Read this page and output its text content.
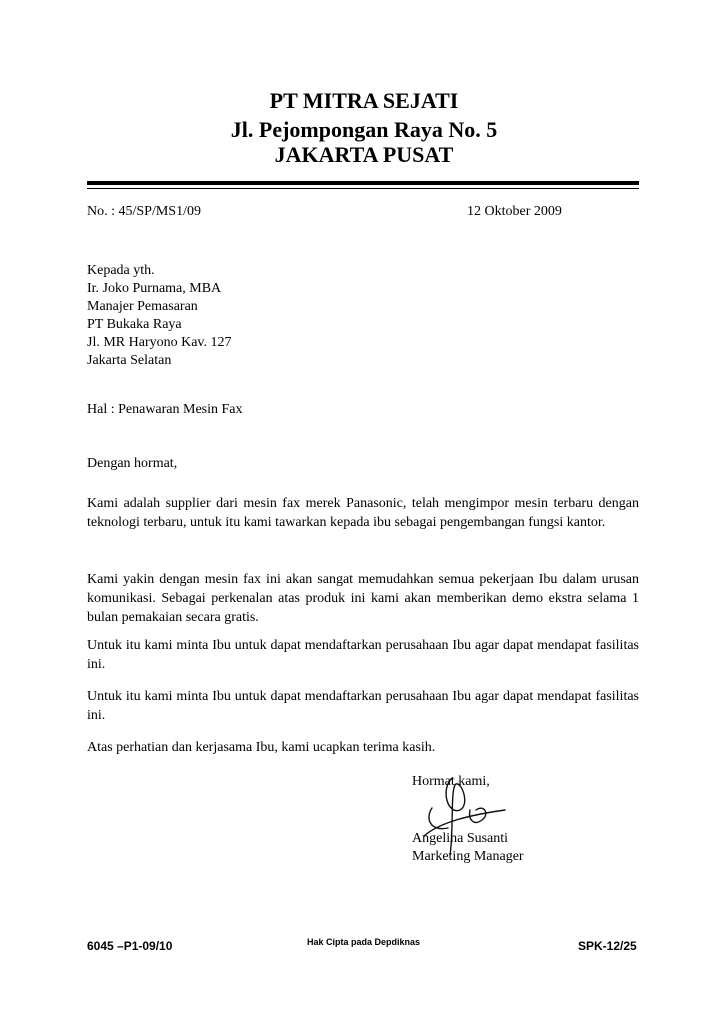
PT MITRA SEJATI
Jl. Pejompongan Raya No. 5
JAKARTA PUSAT
No. : 45/SP/MS1/09	12 Oktober 2009
Kepada yth.
Ir. Joko Purnama, MBA
Manajer Pemasaran
PT Bukaka Raya
Jl. MR Haryono Kav. 127
Jakarta Selatan
Hal : Penawaran Mesin Fax
Dengan hormat,
Kami adalah supplier dari mesin fax merek Panasonic, telah mengimpor mesin terbaru dengan teknologi terbaru, untuk itu kami tawarkan kepada ibu sebagai pengembangan fungsi kantor.
Kami yakin dengan mesin fax ini akan sangat memudahkan semua pekerjaan Ibu dalam urusan komunikasi. Sebagai perkenalan atas produk ini kami akan memberikan demo ekstra selama 1 bulan pemakaian secara gratis.
Untuk itu kami minta Ibu untuk dapat mendaftarkan perusahaan Ibu agar dapat mendapat fasilitas ini.
Untuk itu kami minta Ibu untuk dapat mendaftarkan perusahaan Ibu agar dapat mendapat fasilitas ini.
Atas perhatian dan kerjasama Ibu, kami ucapkan terima kasih.
Hormat kami,
Angelina Susanti
Marketing Manager
6045 –P1-09/10	Hak Cipta pada Depdiknas	SPK-12/25
